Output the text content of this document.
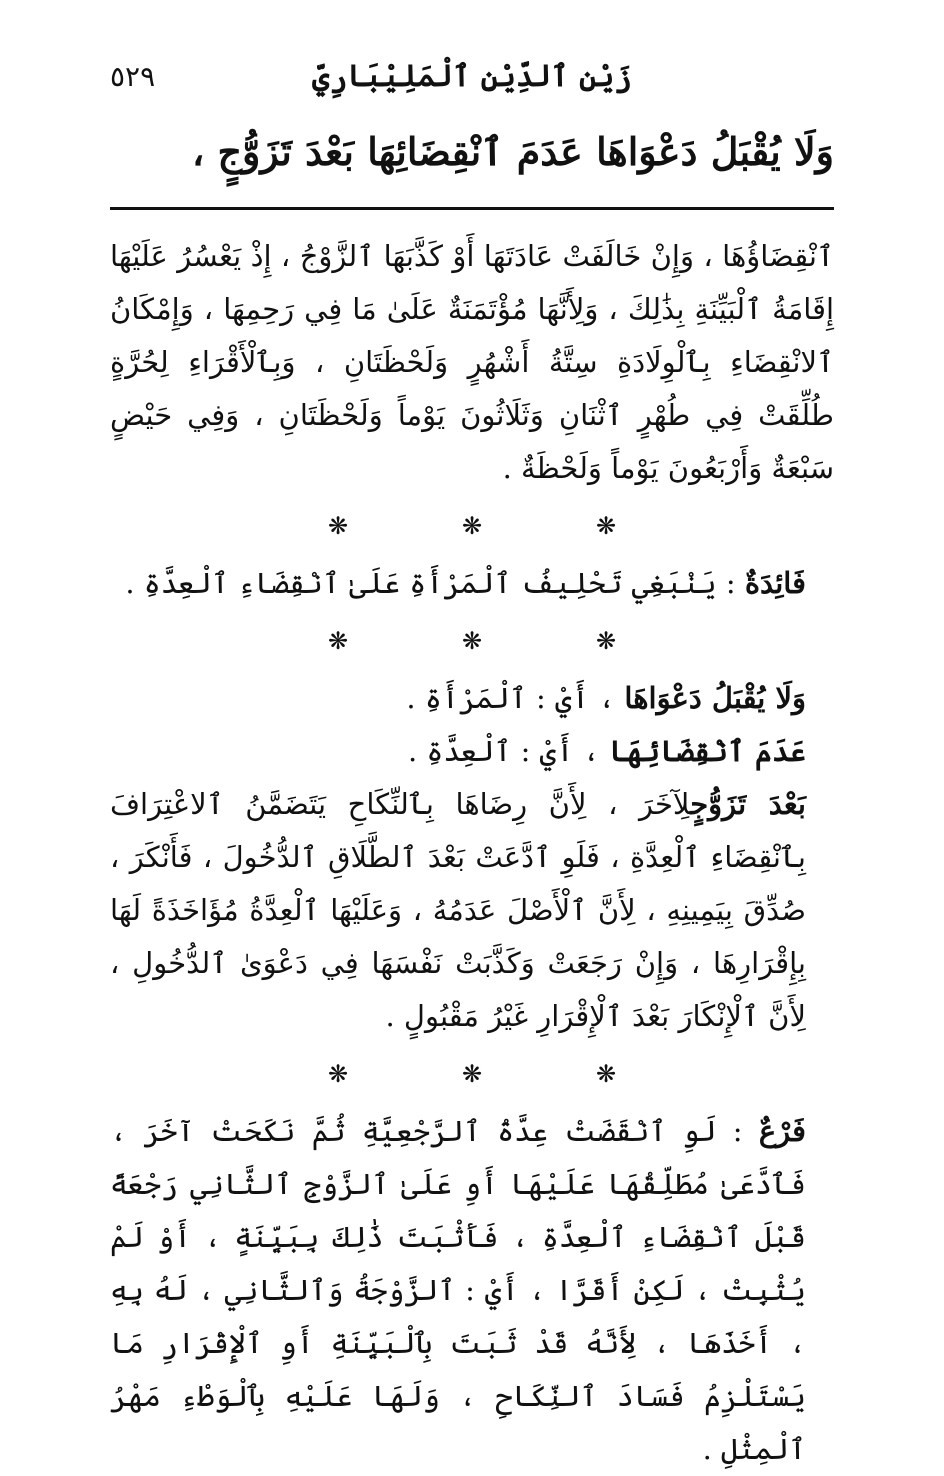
زَيْن ٱلدِّيْنِ ٱلْمَلِيْبَارِيّ
٥٢٩
وَلَا يُقْبَلُ دَعْوَاهَا عَدَمَ ٱنْقِضَائِهَا بَعْدَ تَزَوُّجٍ ،

ٱنْقِضَاؤُهَا ، وَإِنْ خَالَفَتْ عَادَتَهَا أَوْ كَذَّبَهَا ٱلزَّوْجُ ، إِذْ يَعْسُرُ عَلَيْهَا إِقَامَةُ ٱلْبَيِّنَةِ بِذَٰلِكَ ، وَلِأَنَّهَا مُؤْتَمَنَةٌ عَلَىٰ مَا فِي رَحِمِهَا ، وَإِمْكَانُ ٱلانْقِضَاءِ بِٱلْوِلَادَةِ سِتَّةُ أَشْهُرٍ وَلَحْظَتَانِ ، وَبِٱلْأَقْرَاءِ لِحُرَّةٍ طُلِّقَتْ فِي طُهْرٍ ٱثْنَانِ وَثَلَاثُونَ يَوْماً وَلَحْظَتَانِ ، وَفِي حَيْضٍ سَبْعَةٌ وَأَرْبَعُونَ يَوْماً وَلَحْظَةٌ .

❋
❋
❋

فَائِدَةٌ : يَنْبَغِي تَحْلِيفُ ٱلْمَرْأَةِ عَلَىٰ ٱنْقِضَاءِ ٱلْعِدَّةِ .

❋
❋
❋

وَلَا يُقْبَلُ دَعْوَاهَا ، أَيْ : ٱلْمَرْأَةِ .

عَدَمَ ٱنْقِضَائِهَا ، أَيْ : ٱلْعِدَّةِ .

بَعْدَ تَزَوُّجٍلِآخَرَ ، لِأَنَّ رِضَاهَا بِٱلنِّكَاحِ يَتَضَمَّنُ ٱلاعْتِرَافَ بِٱنْقِضَاءِ ٱلْعِدَّةِ ، فَلَوِ ٱدَّعَتْ بَعْدَ ٱلطَّلَاقِ ٱلدُّخُولَ ، فَأَنْكَرَ ، صُدِّقَ بِيَمِينِهِ ، لِأَنَّ ٱلْأَصْلَ عَدَمُهُ ، وَعَلَيْهَا ٱلْعِدَّةُ مُؤَاخَذَةً لَهَا بِإِقْرَارِهَا ، وَإِنْ رَجَعَتْ وَكَذَّبَتْ نَفْسَهَا فِي دَعْوَىٰ ٱلدُّخُولِ ، لِأَنَّ ٱلْإِنْكَارَ بَعْدَ ٱلْإِقْرَارِ غَيْرُ مَقْبُولٍ .

❋
❋
❋

فَرْعٌ : لَوِ ٱنْقَضَتْ عِدَّةُ ٱلرَّجْعِيَّةِ ثُمَّ نَكَحَتْ آخَرَ ، فَٱدَّعَىٰ مُطَلِّقُهَا عَلَيْهَا أَوِ عَلَىٰ ٱلزَّوْجِ ٱلثَّانِي رَجْعَةً قَبْلَ ٱنْقِضَاءِ ٱلْعِدَّةِ ، فَأَثْبَتَ ذَٰلِكَ بِبَيِّنَةٍ ، أَوْ لَمْ يُثْبِتْ ، لَكِنْ أَقَرَّا ، أَيْ : ٱلزَّوْجَةُ وَٱلثَّانِي ، لَهُ بِهِ ، أَخَذَهَا ، لِأَنَّهُ قَدْ ثَبَتَ بِٱلْبَيِّنَةِ أَوِ ٱلْإِقْرَارِ مَا يَسْتَلْزِمُ فَسَادَ ٱلنِّكَاحِ ، وَلَهَا عَلَيْهِ بِٱلْوَطْءِ مَهْرُ ٱلْمِثْلِ .
